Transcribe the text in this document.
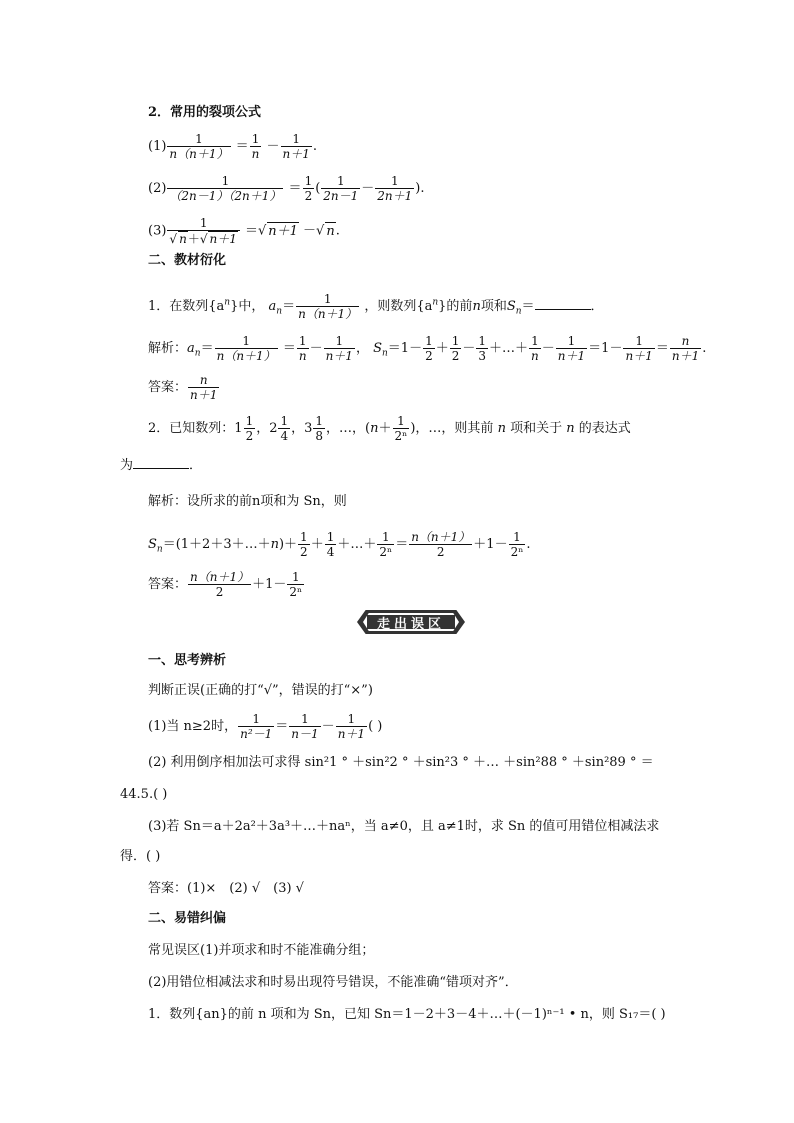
2．常用的裂项公式
$(1) \frac{1}{n(n+1)} = \frac{1}{n} - \frac{1}{n+1}$ .
$(2) \frac{1}{(2n-1)(2n+1)} = \frac{1}{2}$ ( $\frac{1}{2n-1} - \frac{1}{2n+1}$ ).
$(3) \frac{1}{√ n+√ n+1}$ ＝√ n＋1 －√ n.
二、教材衍化
1．在数列$\{a^n\}$中， $a_n= \frac{1}{n(n+1)}$ ，则数列$\{a^n\}$的前n项和$S_n=$	．
解析：$a_n= \frac{1}{n(n+1)} = \frac{1}{n} - \frac{1}{n+1}$ ， $S_n=1- \frac{1}{2} + \frac{1}{2} - \frac{1}{3}$ ＋…＋ $\frac{1}{n} - \frac{1}{n+1} =1- \frac{1}{n+1} = \frac{n}{n+1}$ .
答案： $\frac{n}{n+1}$
2．已知数列：$1 \frac{1}{2}$ ，$2 \frac{1}{4}$ ，$3 \frac{1}{8}$ ，…，($n+ \frac{1}{\text{2ⁿ}}$ )，…，则其前 n 项和关于 n 的表达式
为	．
解析：设所求的前n项和为 Sn，则
$S_n=(1+2+3+\dots+n)+ \frac{1}{2} + \frac{1}{4}$ ＋…＋ $\frac{1}{\text{2ⁿ}} = \frac{n(n+1)}{2} +1- \frac{1}{\text{2ⁿ}}$ .
答案： $\frac{n(n+1)}{2} +1- \frac{1}{\text{2ⁿ}}$
走出误区
一、思考辨析
判断正误(正确的打“√”，错误的打“×”)
(1)当 n≥2时， $\frac{1}{\text{n²－1}} = \frac{1}{n-1} - \frac{1}{n+1}$ ( )
(2) 利用倒序相加法可求得 sin²1 ° ＋sin²2 ° ＋sin²3 ° ＋… ＋sin²88 ° ＋sin²89 ° ＝
44.5.( )
(3)若 Sn＝a＋2a²＋3a³＋…＋naⁿ，当 a≠0，且 a≠1时，求 Sn 的值可用错位相减法求
得．( )
答案：(1)×　(2) √　(3) √
二、易错纠偏
常见误区(1)并项求和时不能准确分组；
(2)用错位相减法求和时易出现符号错误，不能准确“错项对齐”．
1．数列{an}的前 n 项和为 Sn，已知 Sn＝1－2＋3－4＋…＋(－1)ⁿ⁻¹ • n，则 S₁₇＝( )
